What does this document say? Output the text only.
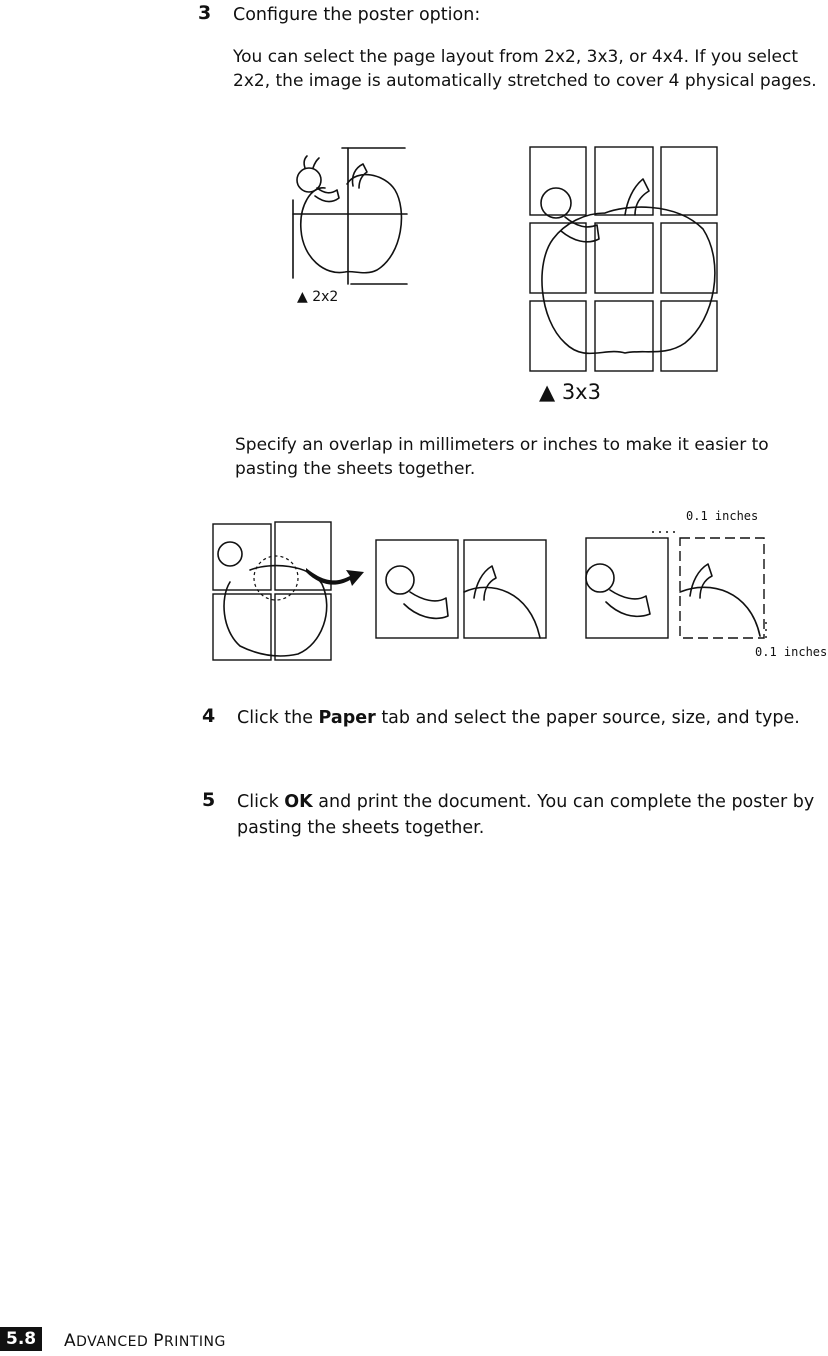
3 Configure the poster option:
You can select the page layout from 2x2, 3x3, or 4x4. If you select 2x2, the image is automatically stretched to cover 4 physical pages.
▲ 2x2
▲ 3x3
Specify an overlap in millimeters or inches to make it easier to pasting the sheets together.
0.1 inches
0.1 inches
4 Click the Paper tab and select the paper source, size, and type.
5 Click OK and print the document. You can complete the poster by pasting the sheets together.
5.8	ADVANCED PRINTING
